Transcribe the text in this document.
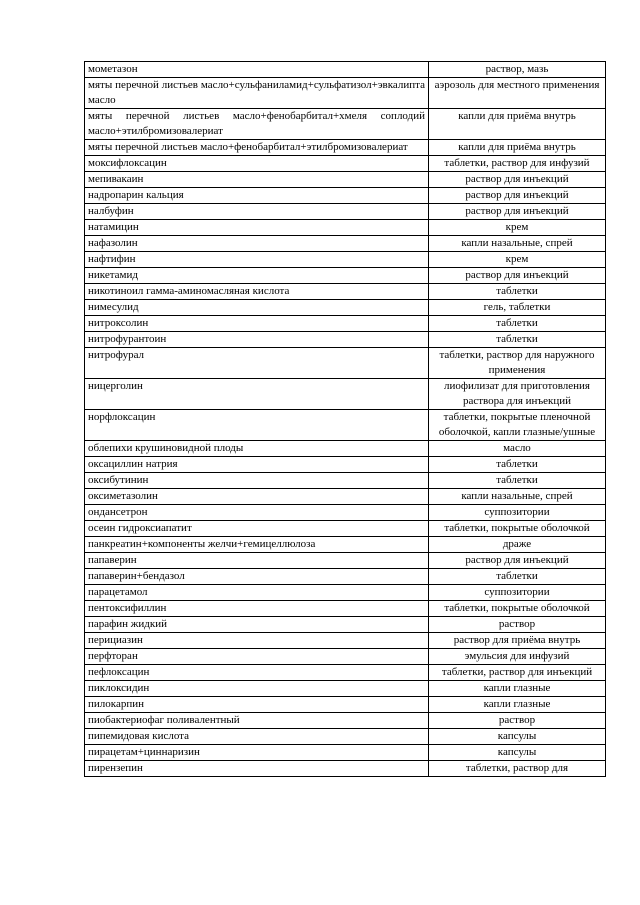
мометазон	раствор, мазь
мяты перечной листьев масло+сульфаниламид+сульфатизол+эвкалипта масло	аэрозоль для местного применения
мяты перечной листьев масло+фенобарбитал+хмеля соплодий масло+этилбромизовалериат	капли для приёма внутрь
мяты перечной листьев масло+фенобарбитал+этилбромизовалериат	капли для приёма внутрь
моксифлоксацин	таблетки, раствор для инфузий
мепивакаин	раствор для инъекций
надропарин кальция	раствор для инъекций
налбуфин	раствор для инъекций
натамицин	крем
нафазолин	капли назальные, спрей
нафтифин	крем
никетамид	раствор для инъекций
никотиноил гамма-аминомасляная кислота	таблетки
нимесулид	гель, таблетки
нитроксолин	таблетки
нитрофурантоин	таблетки
нитрофурал	таблетки, раствор для наружного применения
ницерголин	лиофилизат для приготовления раствора для инъекций
норфлоксацин	таблетки, покрытые пленочной оболочкой, капли глазные/ушные
облепихи крушиновидной плоды	масло
оксациллин натрия	таблетки
оксибутинин	таблетки
оксиметазолин	капли назальные, спрей
ондансетрон	суппозитории
осеин гидроксиапатит	таблетки, покрытые оболочкой
панкреатин+компоненты желчи+гемицеллюлоза	драже
папаверин	раствор для инъекций
папаверин+бендазол	таблетки
парацетамол	суппозитории
пентоксифиллин	таблетки, покрытые оболочкой
парафин жидкий	раствор
перициазин	раствор для приёма внутрь
перфторан	эмульсия для инфузий
пефлоксацин	таблетки, раствор для инъекций
пиклоксидин	капли глазные
пилокарпин	капли глазные
пиобактериофаг поливалентный	раствор
пипемидовая кислота	капсулы
пирацетам+циннаризин	капсулы
пирензепин	таблетки, раствор для
